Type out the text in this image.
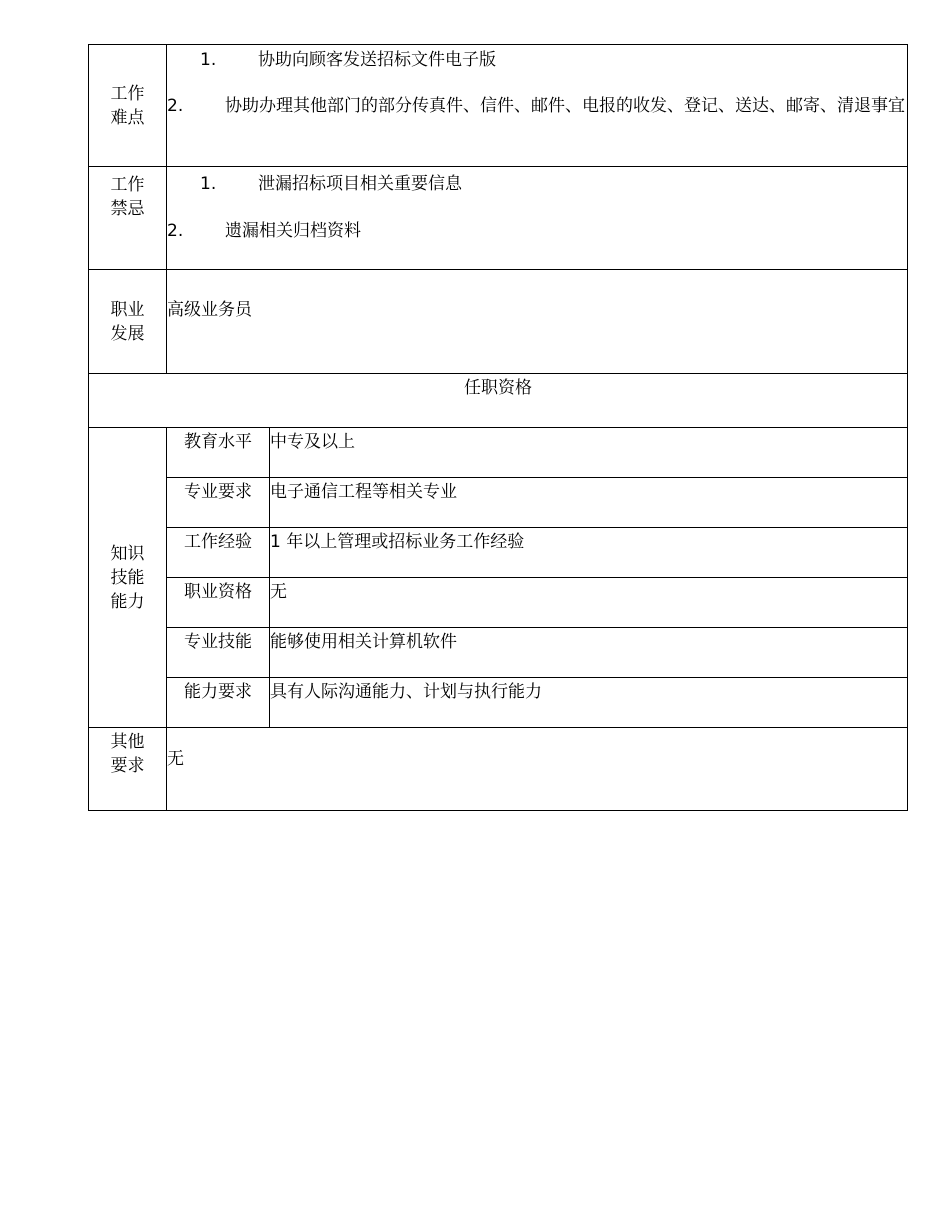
工作
难点	1. 协助向顾客发送招标文件电子版
2. 协助办理其他部门的部分传真件、信件、邮件、电报的收发、登记、送达、邮寄、清退事宜	

工作
禁忌	1. 泄漏招标项目相关重要信息
2. 遗漏相关归档资料	

职业
发展	高级业务员	
任职资格		
知识
技能
能力	教育水平	中专及以上
	专业要求	电子通信工程等相关专业
	工作经验	1 年以上管理或招标业务工作经验
	职业资格	无
	专业技能	能够使用相关计算机软件
	能力要求	具有人际沟通能力、计划与执行能力
其他
要求	无	
